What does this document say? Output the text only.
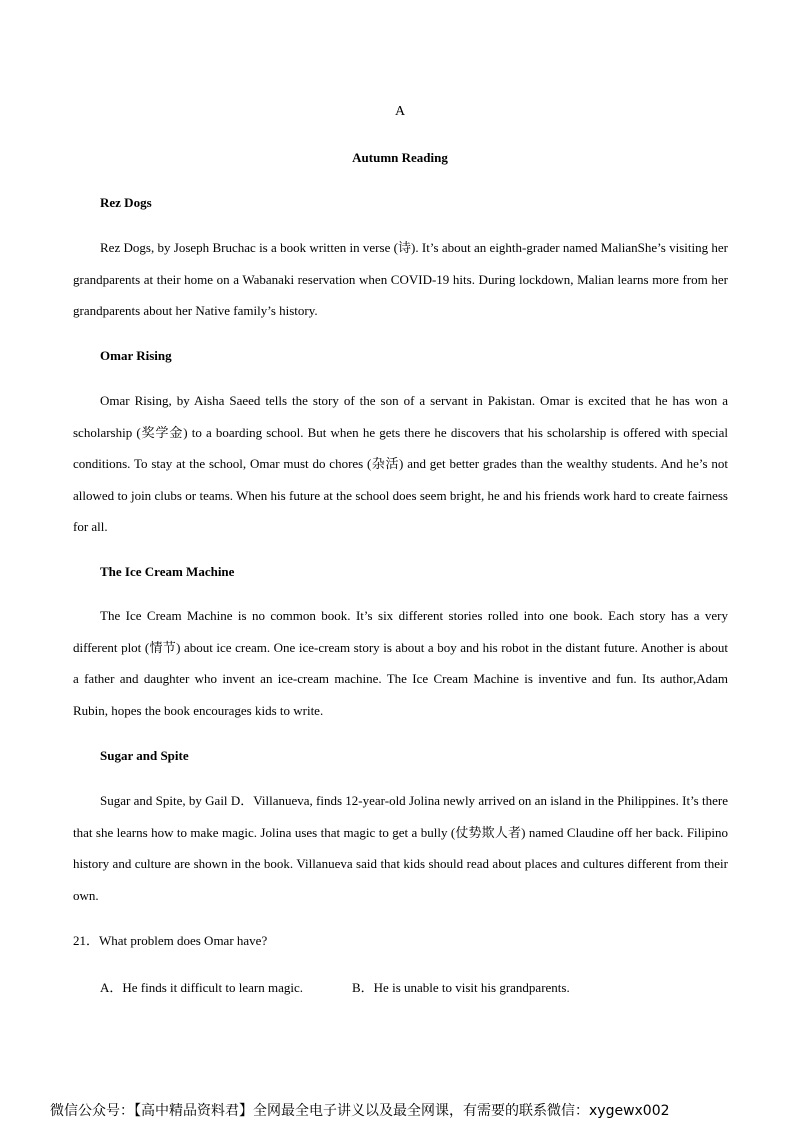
A
Autumn Reading
Rez Dogs

Rez Dogs, by Joseph Bruchac is a book written in verse (诗). It’s about an eighth-grader named MalianShe’s visiting her grandparents at their home on a Wabanaki reservation when COVID-19 hits. During lockdown, Malian learns more from her grandparents about her Native family’s history.

Omar Rising

Omar Rising, by Aisha Saeed tells the story of the son of a servant in Pakistan. Omar is excited that he has won a scholarship (奖学金) to a boarding school. But when he gets there he discovers that his scholarship is offered with special conditions. To stay at the school, Omar must do chores (杂活) and get better grades than the wealthy students. And he’s not allowed to join clubs or teams. When his future at the school does seem bright, he and his friends work hard to create fairness for all.

The Ice Cream Machine

The Ice Cream Machine is no common book. It’s six different stories rolled into one book. Each story has a very different plot (情节) about ice cream. One ice-cream story is about a boy and his robot in the distant future. Another is about a father and daughter who invent an ice-cream machine. The Ice Cream Machine is inventive and fun. Its author,Adam Rubin, hopes the book encourages kids to write.

Sugar and Spite

Sugar and Spite, by Gail D．Villanueva, finds 12-year-old Jolina newly arrived on an island in the Philippines. It’s there that she learns how to make magic. Jolina uses that magic to get a bully (仗势欺人者) named Claudine off her back. Filipino history and culture are shown in the book. Villanueva said that kids should read about places and cultures different from their own.

21．What problem does Omar have?
A．He finds it difficult to learn magic.	B．He is unable to visit his grandparents.
微信公众号：【高中精品资料君】全网最全电子讲义以及最全网课，有需要的联系微信：xygewx002
